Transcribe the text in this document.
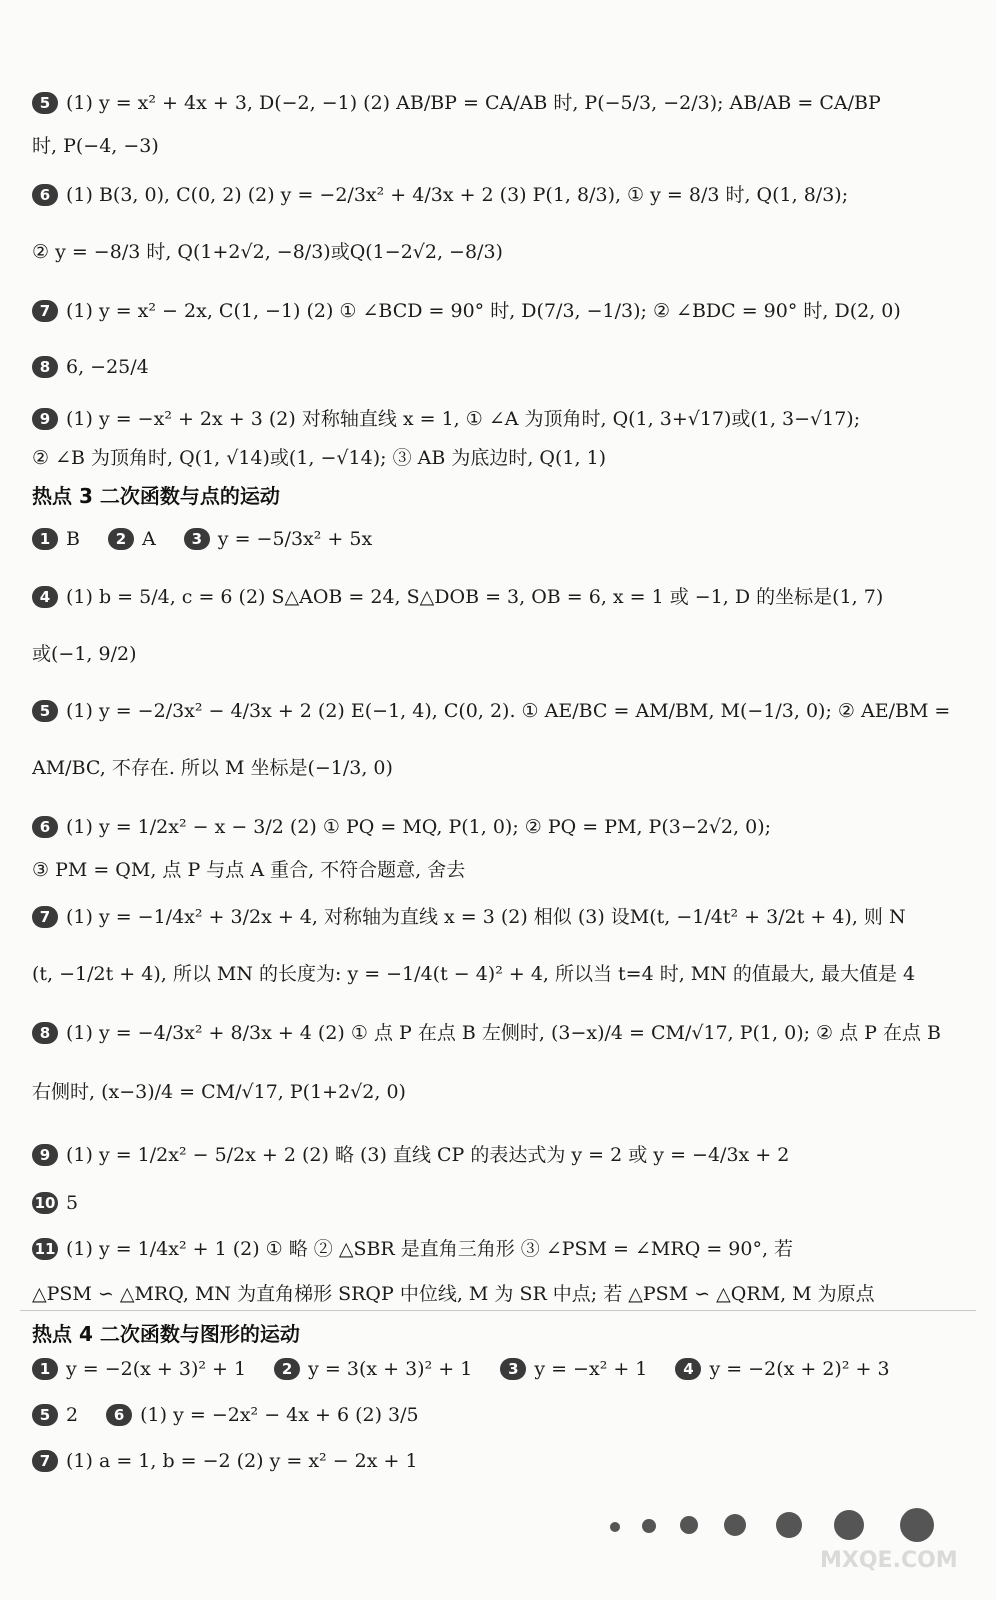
5 (1) y = x² + 4x + 3, D(−2, −1) (2) AB/BP = CA/AB 时, P(−5/3, −2/3); AB/AB = CA/BP
时, P(−4, −3)
6 (1) B(3, 0), C(0, 2) (2) y = −2/3x² + 4/3x + 2 (3) P(1, 8/3), ① y = 8/3 时, Q(1, 8/3);
② y = −8/3 时, Q(1+2√2, −8/3)或Q(1−2√2, −8/3)
7 (1) y = x² − 2x, C(1, −1) (2) ① ∠BCD = 90° 时, D(7/3, −1/3); ② ∠BDC = 90° 时, D(2, 0)
8 6, −25/4
9 (1) y = −x² + 2x + 3 (2) 对称轴直线 x = 1, ① ∠A 为顶角时, Q(1, 3+√17)或(1, 3−√17);
② ∠B 为顶角时, Q(1, √14)或(1, −√14); ③ AB 为底边时, Q(1, 1)
热点 3 二次函数与点的运动
1 B 2 A 3 y = −5/3x² + 5x
4 (1) b = 5/4, c = 6 (2) S△AOB = 24, S△DOB = 3, OB = 6, x = 1 或 −1, D 的坐标是(1, 7)
或(−1, 9/2)
5 (1) y = −2/3x² − 4/3x + 2 (2) E(−1, 4), C(0, 2). ① AE/BC = AM/BM, M(−1/3, 0); ② AE/BM =
AM/BC, 不存在. 所以 M 坐标是(−1/3, 0)
6 (1) y = 1/2x² − x − 3/2 (2) ① PQ = MQ, P(1, 0); ② PQ = PM, P(3−2√2, 0);
③ PM = QM, 点 P 与点 A 重合, 不符合题意, 舍去
7 (1) y = −1/4x² + 3/2x + 4, 对称轴为直线 x = 3 (2) 相似 (3) 设M(t, −1/4t² + 3/2t + 4), 则 N
(t, −1/2t + 4), 所以 MN 的长度为: y = −1/4(t − 4)² + 4, 所以当 t=4 时, MN 的值最大, 最大值是 4
8 (1) y = −4/3x² + 8/3x + 4 (2) ① 点 P 在点 B 左侧时, (3−x)/4 = CM/√17, P(1, 0); ② 点 P 在点 B
右侧时, (x−3)/4 = CM/√17, P(1+2√2, 0)
9 (1) y = 1/2x² − 5/2x + 2 (2) 略 (3) 直线 CP 的表达式为 y = 2 或 y = −4/3x + 2
10 5
11 (1) y = 1/4x² + 1 (2) ① 略 ② △SBR 是直角三角形 ③ ∠PSM = ∠MRQ = 90°, 若
△PSM ∽ △MRQ, MN 为直角梯形 SRQP 中位线, M 为 SR 中点; 若 △PSM ∽ △QRM, M 为原点
热点 4 二次函数与图形的运动
1 y = −2(x + 3)² + 1 2 y = 3(x + 3)² + 1 3 y = −x² + 1 4 y = −2(x + 2)² + 3
5 2 6 (1) y = −2x² − 4x + 6 (2) 3/5
7 (1) a = 1, b = −2 (2) y = x² − 2x + 1
MXQE.COM
